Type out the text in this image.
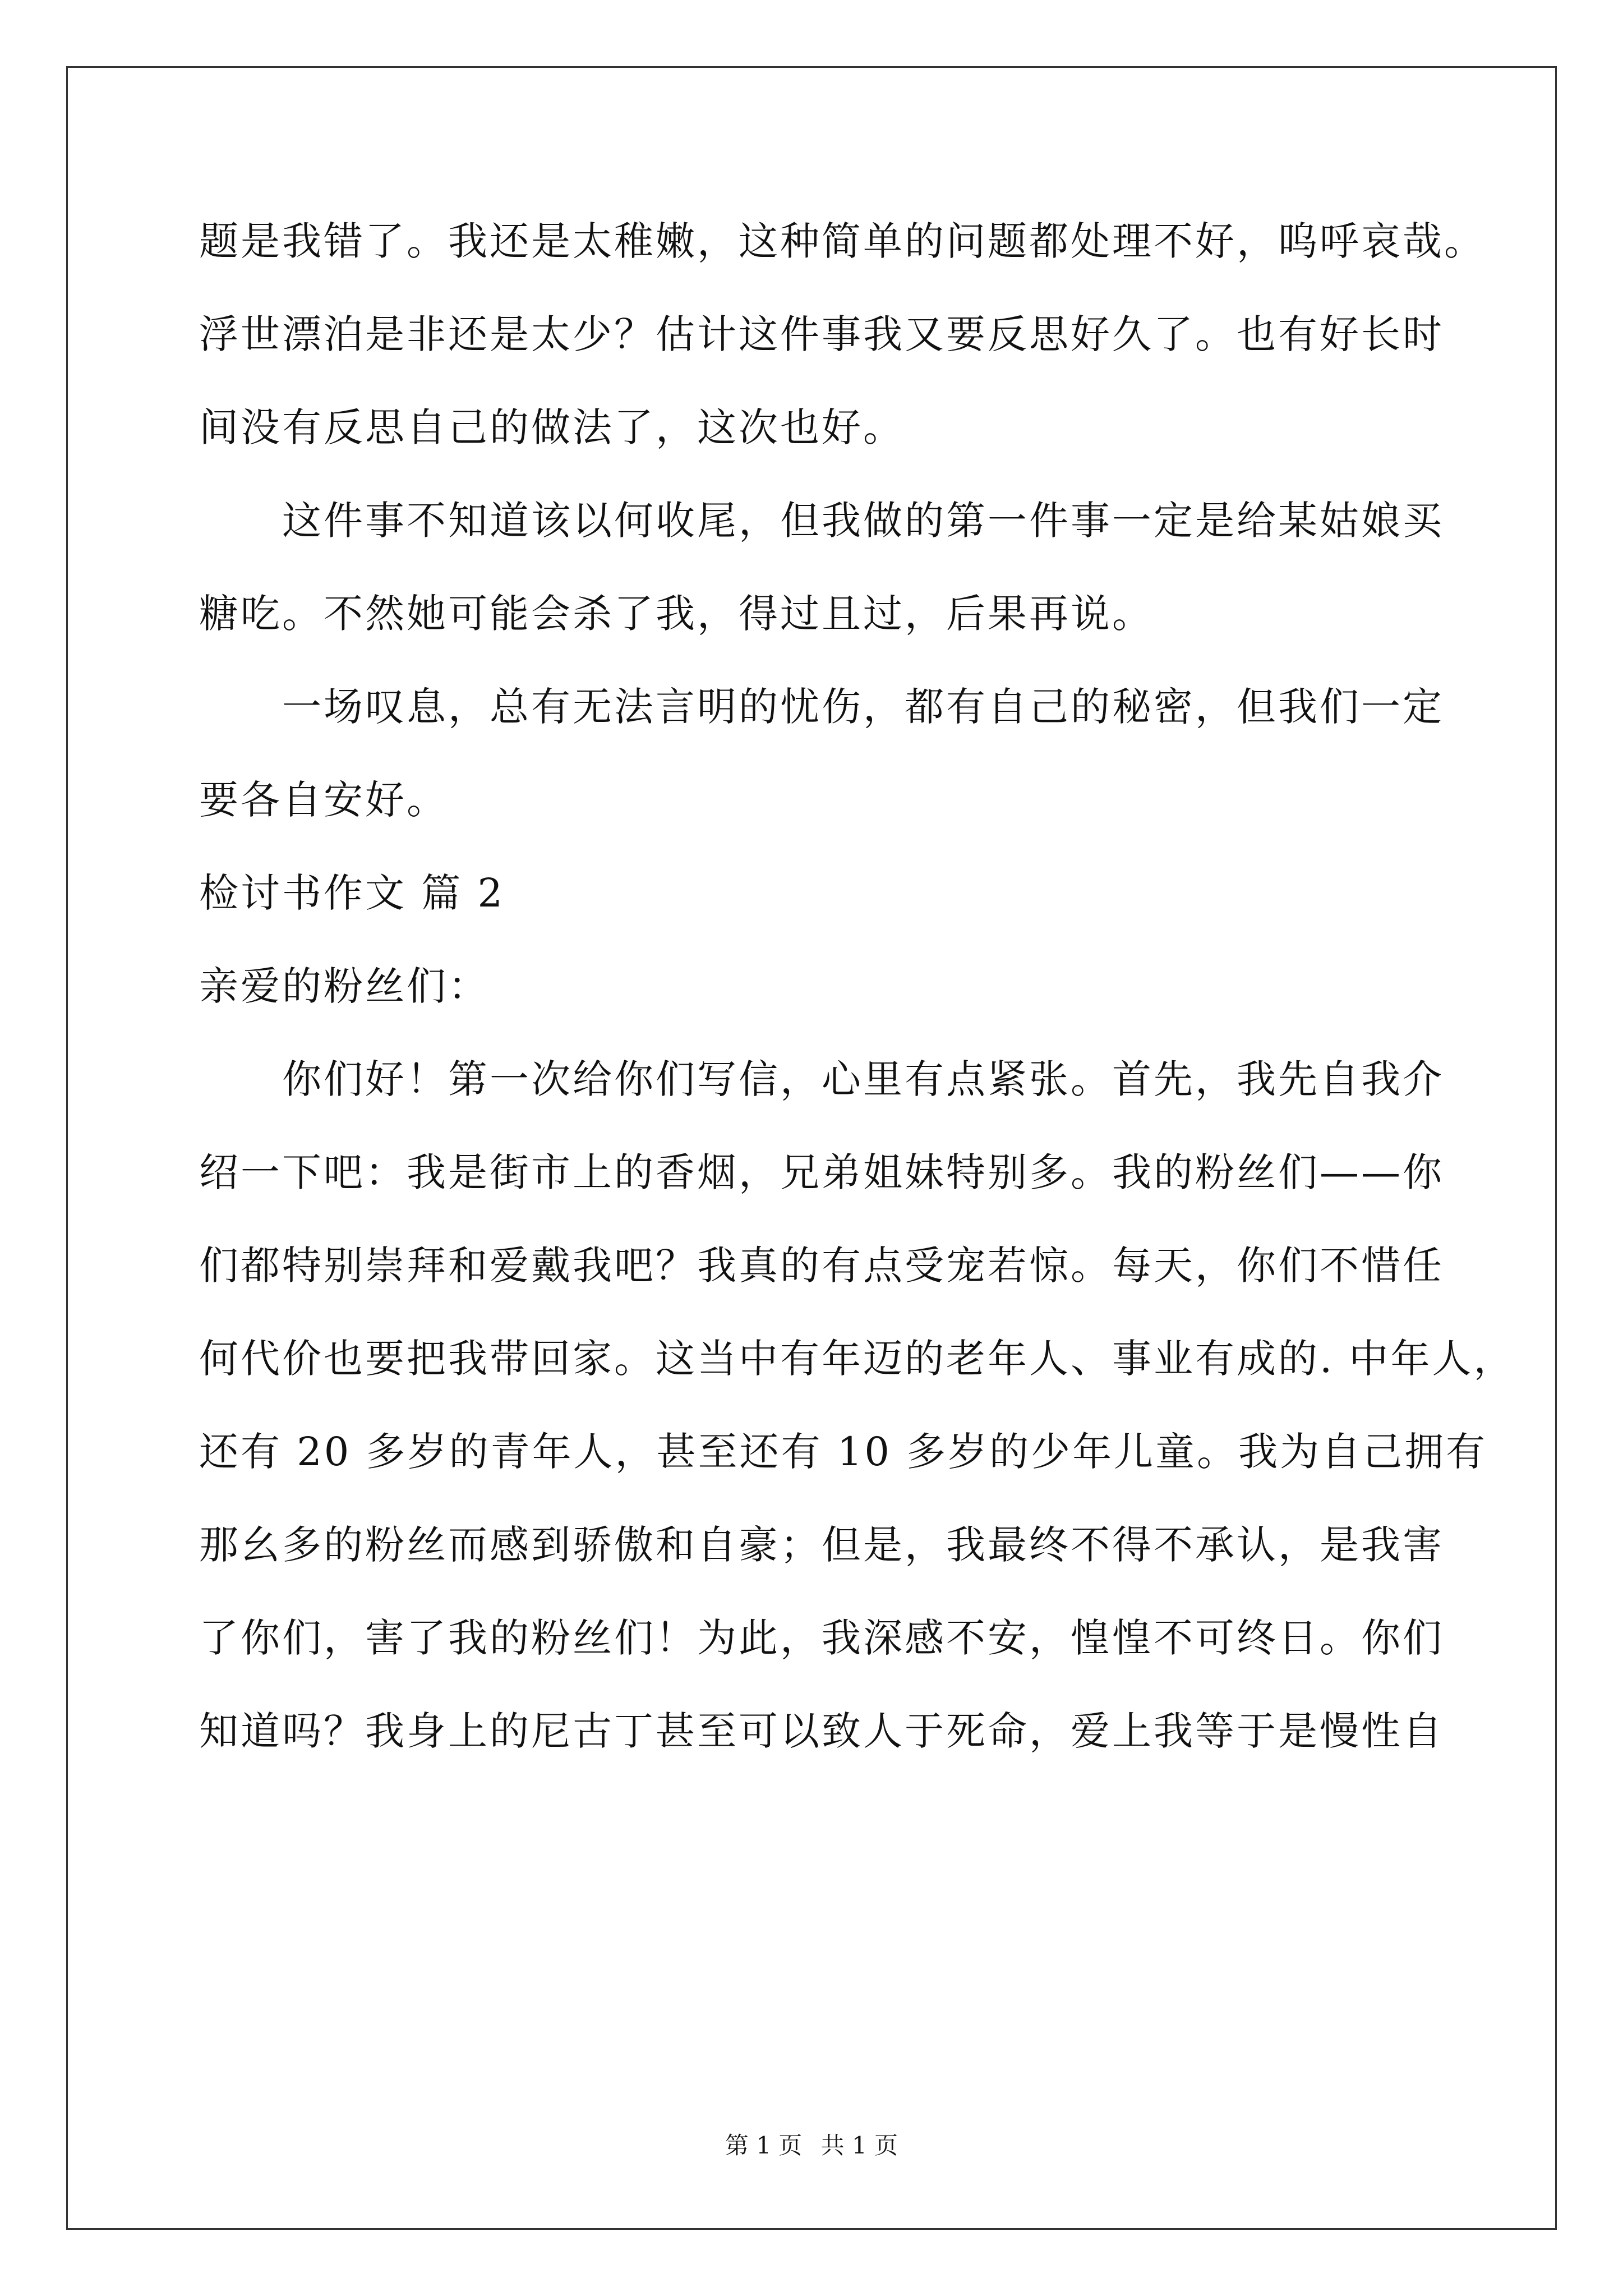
题是我错了。我还是太稚嫩，这种简单的问题都处理不好，呜呼哀哉。
浮世漂泊是非还是太少？估计这件事我又要反思好久了。也有好长时
间没有反思自己的做法了，这次也好。
这件事不知道该以何收尾，但我做的第一件事一定是给某姑娘买
糖吃。不然她可能会杀了我，得过且过，后果再说。
一场叹息，总有无法言明的忧伤，都有自己的秘密，但我们一定
要各自安好。
检讨书作文 篇 2
亲爱的粉丝们：
你们好！第一次给你们写信，心里有点紧张。首先，我先自我介
绍一下吧：我是街市上的香烟，兄弟姐妹特别多。我的粉丝们——你
们都特别崇拜和爱戴我吧？我真的有点受宠若惊。每天，你们不惜任
何代价也要把我带回家。这当中有年迈的老年人、事业有成的. 中年人，
还有 20 多岁的青年人，甚至还有 10 多岁的少年儿童。我为自己拥有
那幺多的粉丝而感到骄傲和自豪；但是，我最终不得不承认，是我害
了你们，害了我的粉丝们！为此，我深感不安，惶惶不可终日。你们
知道吗？我身上的尼古丁甚至可以致人于死命，爱上我等于是慢性自
第 1 页 共 1 页
